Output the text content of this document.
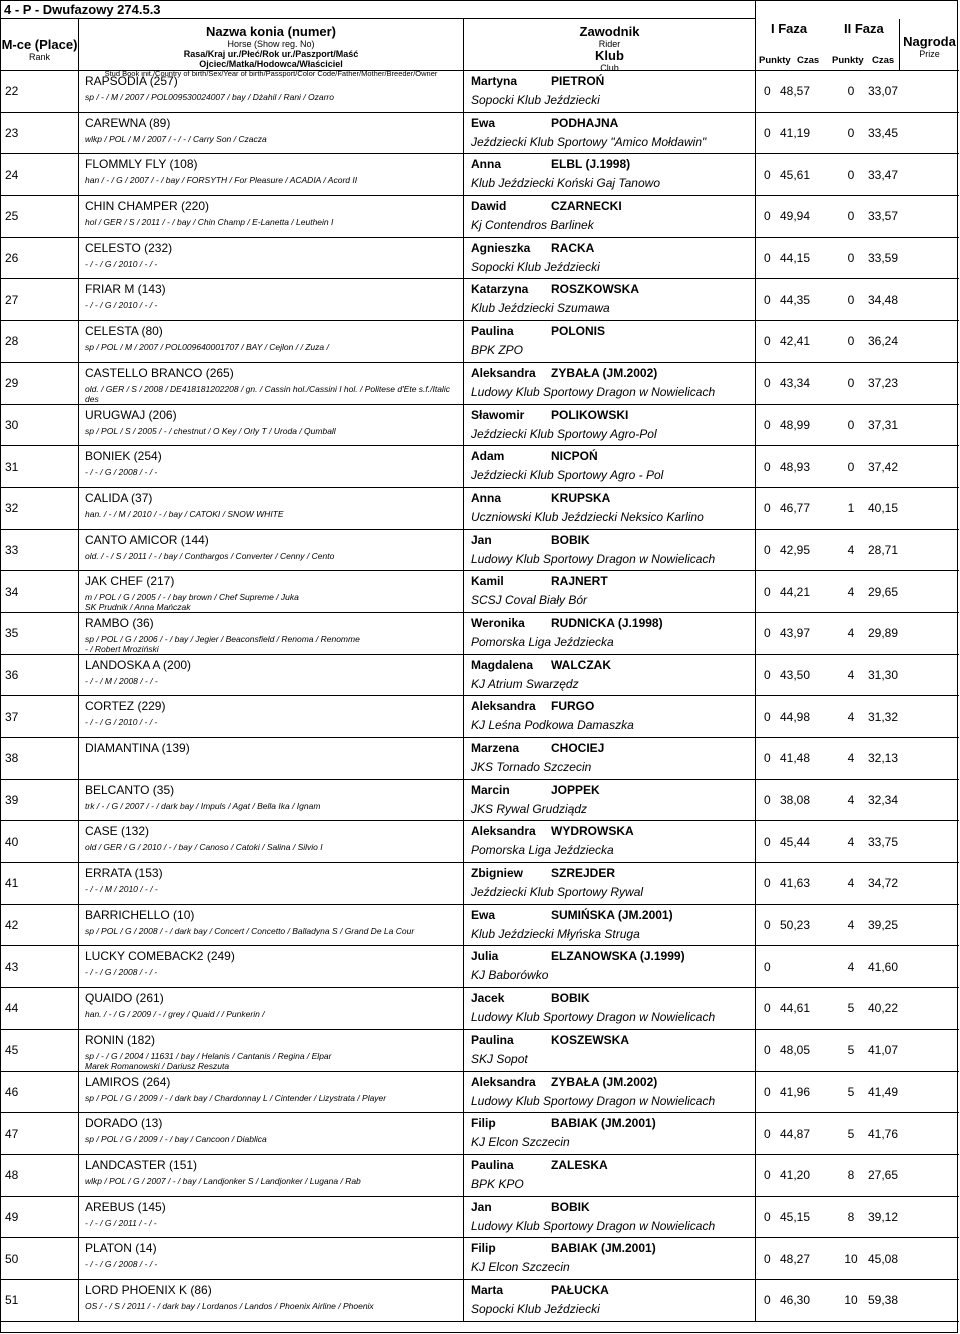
4 - P - Dwufazowy 274.5.3
M-ce (Place)
Rank
Nazwa konia (numer)
Horse (Show reg. No)
Rasa/Kraj ur./Płeć/Rok ur./Paszport/Maść
Ojciec/Matka/Hodowca/Właściciel
Stud Book init./Country of birth/Sex/Year of birth/Passport/Color Code/Father/Mother/Breeder/Owner
Zawodnik
Rider
Klub
Club
Nagroda
Prize
I Faza	II Faza
Punkty Czas Punkty Czas
22
RAPSODIA (257)
sp / - / M / 2007 / POL009530024007 / bay / Dżahil / Rani / Ozarro
Martyna	PIETROŃ
Sopocki Klub Jeździecki
0 48,57	0	33,07
23
CAREWNA (89)
wlkp / POL / M / 2007 / - / - / Carry Son / Czacza
Ewa	PODHAJNA
Jeździecki Klub Sportowy "Amico Mołdawin"
0 41,19	0	33,45
24
FLOMMLY FLY (108)
han / - / G / 2007 / - / bay / FORSYTH / For Pleasure / ACADIA / Acord II
Anna	ELBL (J.1998)
Klub Jeździecki Koński Gaj Tanowo
0 45,61	0	33,47
25
CHIN CHAMPER (220)
hol / GER / S / 2011 / - / bay / Chin Champ / E-Lanetta / Leuthein I
Dawid	CZARNECKI
Kj Contendros Barlinek
0 49,94	0	33,57
26
CELESTO (232)
- / - / G / 2010 / - / -
Agnieszka RACKA
Sopocki Klub Jeździecki
0 44,15	0	33,59
27
FRIAR M (143)
- / - / G / 2010 / - / -
Katarzyna ROSZKOWSKA
Klub Jeździecki Szumawa
0 44,35	0	34,48
28
CELESTA (80)
sp / POL / M / 2007 / POL009640001707 / BAY / Cejlon / / Zuza /
Paulina	POLONIS
BPK ZPO
0 42,41	0	36,24
29
CASTELLO BRANCO (265)
old. / GER / S / 2008 / DE418181202208 / gn. / Cassin hol./Cassini I hol. / Politese d'Ete s.f./Italic des
Aleksandra ZYBAŁA (JM.2002)
Ludowy Klub Sportowy Dragon w Nowielicach
0 43,34	0	37,23
30
URUGWAJ (206)
sp / POL / S / 2005 / - / chestnut / O Key / Orly T / Uroda / Qumball
Sławomir POLIKOWSKI
Jeździecki Klub Sportowy Agro-Pol
0 48,99	0	37,31
31
BONIEK (254)
- / - / G / 2008 / - / -
Adam	NICPOŃ
Jeździecki Klub Sportowy Agro - Pol
0 48,93	0	37,42
32
CALIDA (37)
han. / - / M / 2010 / - / bay / CATOKI / SNOW WHITE
Anna	KRUPSKA
Uczniowski Klub Jeździecki Neksico Karlino
0 46,77	1	40,15
33
CANTO AMICOR (144)
old. / - / S / 2011 / - / bay / Conthargos / Converter / Cenny / Cento
Jan	BOBIK
Ludowy Klub Sportowy Dragon w Nowielicach
0 42,95	4	28,71
34
JAK CHEF (217)
m / POL / G / 2005 / - / bay brown / Chef Supreme / Juka
SK Prudnik / Anna Mańczak
Kamil	RAJNERT
SCSJ Coval Biały Bór
0 44,21	4	29,65
35
RAMBO (36)
sp / POL / G / 2006 / - / bay / Jegier / Beaconsfield / Renoma / Renomme
- / Robert Mroziński
Weronika RUDNICKA (J.1998)
Pomorska Liga Jeździecka
0 43,97	4	29,89
36
LANDOSKA A (200)
- / - / M / 2008 / - / -
Magdalena WALCZAK
KJ Atrium Swarzędz
0 43,50	4	31,30
37
CORTEZ (229)
- / - / G / 2010 / - / -
Aleksandra FURGO
KJ Leśna Podkowa Damaszka
0 44,98	4	31,32
38
DIAMANTINA (139)	Marzena	CHOCIEJ
JKS Tornado Szczecin
0 41,48	4	32,13
39
BELCANTO (35)
trk / - / G / 2007 / - / dark bay / Impuls / Agat / Bella Ika / Ignam
Marcin	JOPPEK
JKS Rywal Grudziądz
0 38,08	4	32,34
40
CASE (132)
old / GER / G / 2010 / - / bay / Canoso / Catoki / Salina / Silvio I
Aleksandra WYDROWSKA
Pomorska Liga Jeździecka
0 45,44	4	33,75
41
ERRATA (153)
- / - / M / 2010 / - / -
Zbigniew SZREJDER
Jeździecki Klub Sportowy Rywal
0 41,63	4	34,72
42
BARRICHELLO (10)
sp / POL / G / 2008 / - / dark bay / Concert / Concetto / Balladyna S / Grand De La Cour
Ewa	SUMIŃSKA (JM.2001)
Klub Jeździecki Młyńska Struga
0 50,23	4	39,25
43
LUCKY COMEBACK2 (249)
- / - / G / 2008 / - / -
Julia	ELZANOWSKA (J.1999)
KJ Baborówko
0	4	41,60
44
QUAIDO (261)
han. / - / G / 2009 / - / grey / Quaid / / Punkerin /
Jacek	BOBIK
Ludowy Klub Sportowy Dragon w Nowielicach
0 44,61	5	40,22
45
RONIN (182)
sp / - / G / 2004 / 11631 / bay / Helanis / Cantanis / Regina / Elpar
Marek Romanowski / Dariusz Reszuta
Paulina	KOSZEWSKA
SKJ Sopot
0 48,05	5	41,07
46
LAMIROS (264)
sp / POL / G / 2009 / - / dark bay / Chardonnay L / Cintender / Lizystrata / Player
Aleksandra ZYBAŁA (JM.2002)
Ludowy Klub Sportowy Dragon w Nowielicach
0 41,96	5	41,49
47
DORADO (13)
sp / POL / G / 2009 / - / bay / Cancoon / Diablica
Filip	BABIAK (JM.2001)
KJ Elcon Szczecin
0 44,87	5	41,76
48
LANDCASTER (151)
wlkp / POL / G / 2007 / - / bay / Landjonker S / Landjonker / Lugana / Rab
Paulina	ZALESKA
BPK KPO
0 41,20	8	27,65
49
AREBUS (145)
- / - / G / 2011 / - / -
Jan	BOBIK
Ludowy Klub Sportowy Dragon w Nowielicach
0 45,15	8	39,12
50
PLATON (14)
- / - / G / 2008 / - / -
Filip	BABIAK (JM.2001)
KJ Elcon Szczecin
0 48,27	10 45,08
51
LORD PHOENIX K (86)
OS / - / S / 2011 / - / dark bay / Lordanos / Landos / Phoenix Airline / Phoenix
Marta	PAŁUCKA
Sopocki Klub Jeździecki
0 46,30	10 59,38
